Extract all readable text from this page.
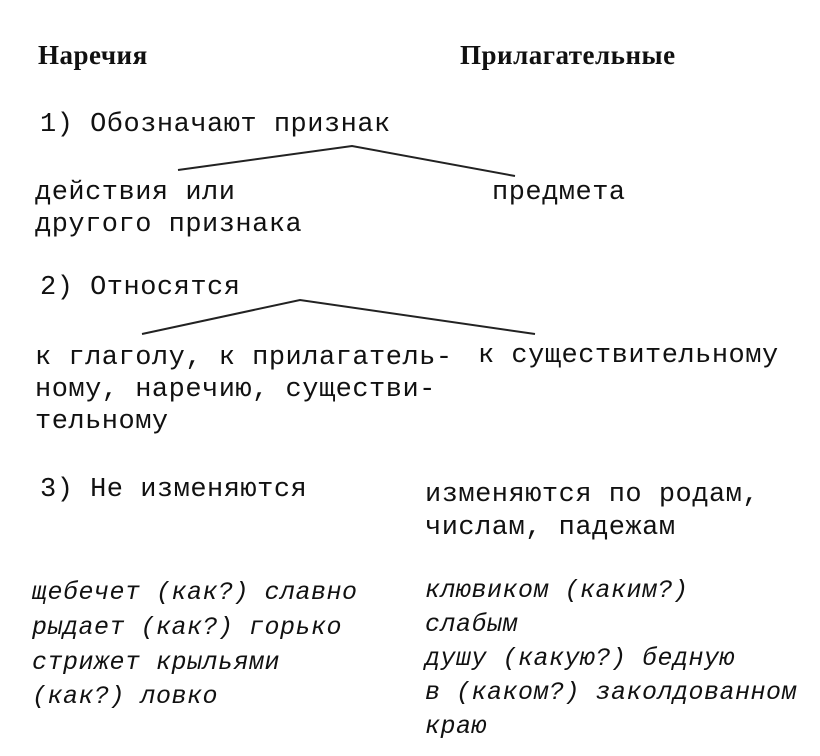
Наречия	Прилагательные
1) Обозначают признак
действия или
другого признака
предмета
2) Относятся
к глаголу, к прилагатель-
ному, наречию, существи-
тельному
к существительному
3) Не изменяются	изменяются по родам,
числам, падежам
щебечет (как?) славно
рыдает (как?) горько
стрижет крыльями
(как?) ловко
клювиком (каким?)
слабым
душу (какую?) бедную
в (каком?) заколдованном
краю
